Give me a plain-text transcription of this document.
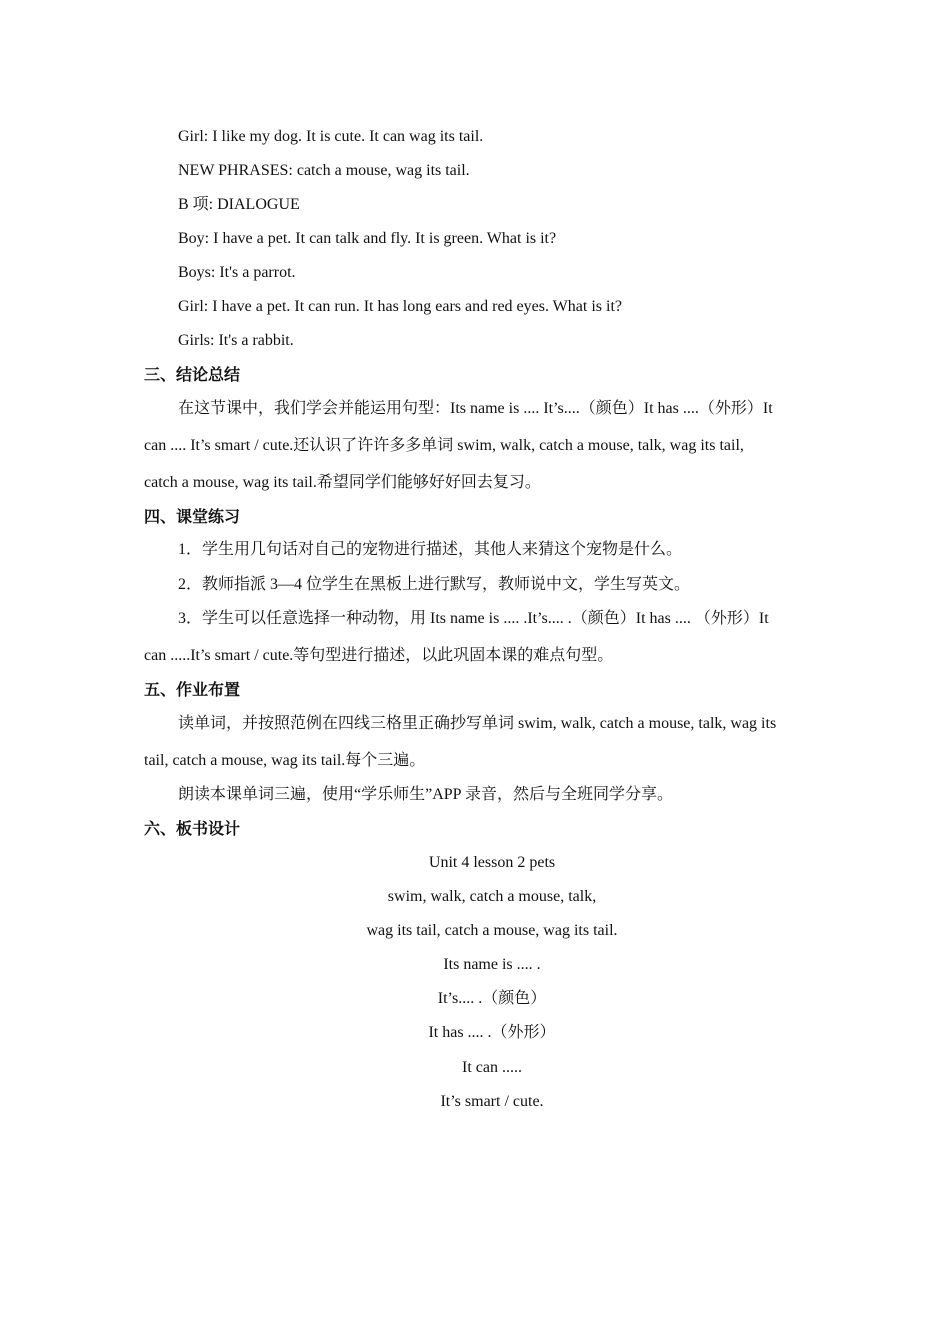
Girl: I like my dog. It is cute. It can wag its tail.
NEW PHRASES: catch a mouse, wag its tail.
B 项: DIALOGUE
Boy: I have a pet. It can talk and fly. It is green. What is it?
Boys: It's a parrot.
Girl: I have a pet. It can run. It has long ears and red eyes. What is it?
Girls: It's a rabbit.
三、结论总结
在这节课中，我们学会并能运用句型：Its name is .... It’s....（颜色）It has ....（外形）It
can .... It’s smart / cute.还认识了许许多多单词 swim, walk, catch a mouse, talk, wag its tail,
catch a mouse, wag its tail.希望同学们能够好好回去复习。
四、课堂练习
1．学生用几句话对自己的宠物进行描述，其他人来猜这个宠物是什么。
2．教师指派 3—4 位学生在黑板上进行默写，教师说中文，学生写英文。
3．学生可以任意选择一种动物，用 Its name is .... .It’s.... .（颜色）It has .... （外形）It
can .....It’s smart / cute.等句型进行描述，以此巩固本课的难点句型。
五、作业布置
读单词，并按照范例在四线三格里正确抄写单词 swim, walk, catch a mouse, talk, wag its
tail, catch a mouse, wag its tail.每个三遍。
朗读本课单词三遍，使用“学乐师生”APP 录音，然后与全班同学分享。
六、板书设计
Unit 4 lesson 2 pets
swim, walk, catch a mouse, talk,
wag its tail, catch a mouse, wag its tail.
Its name is .... .
It’s.... .（颜色）
It has .... .（外形）
It can .....
It’s smart / cute.
